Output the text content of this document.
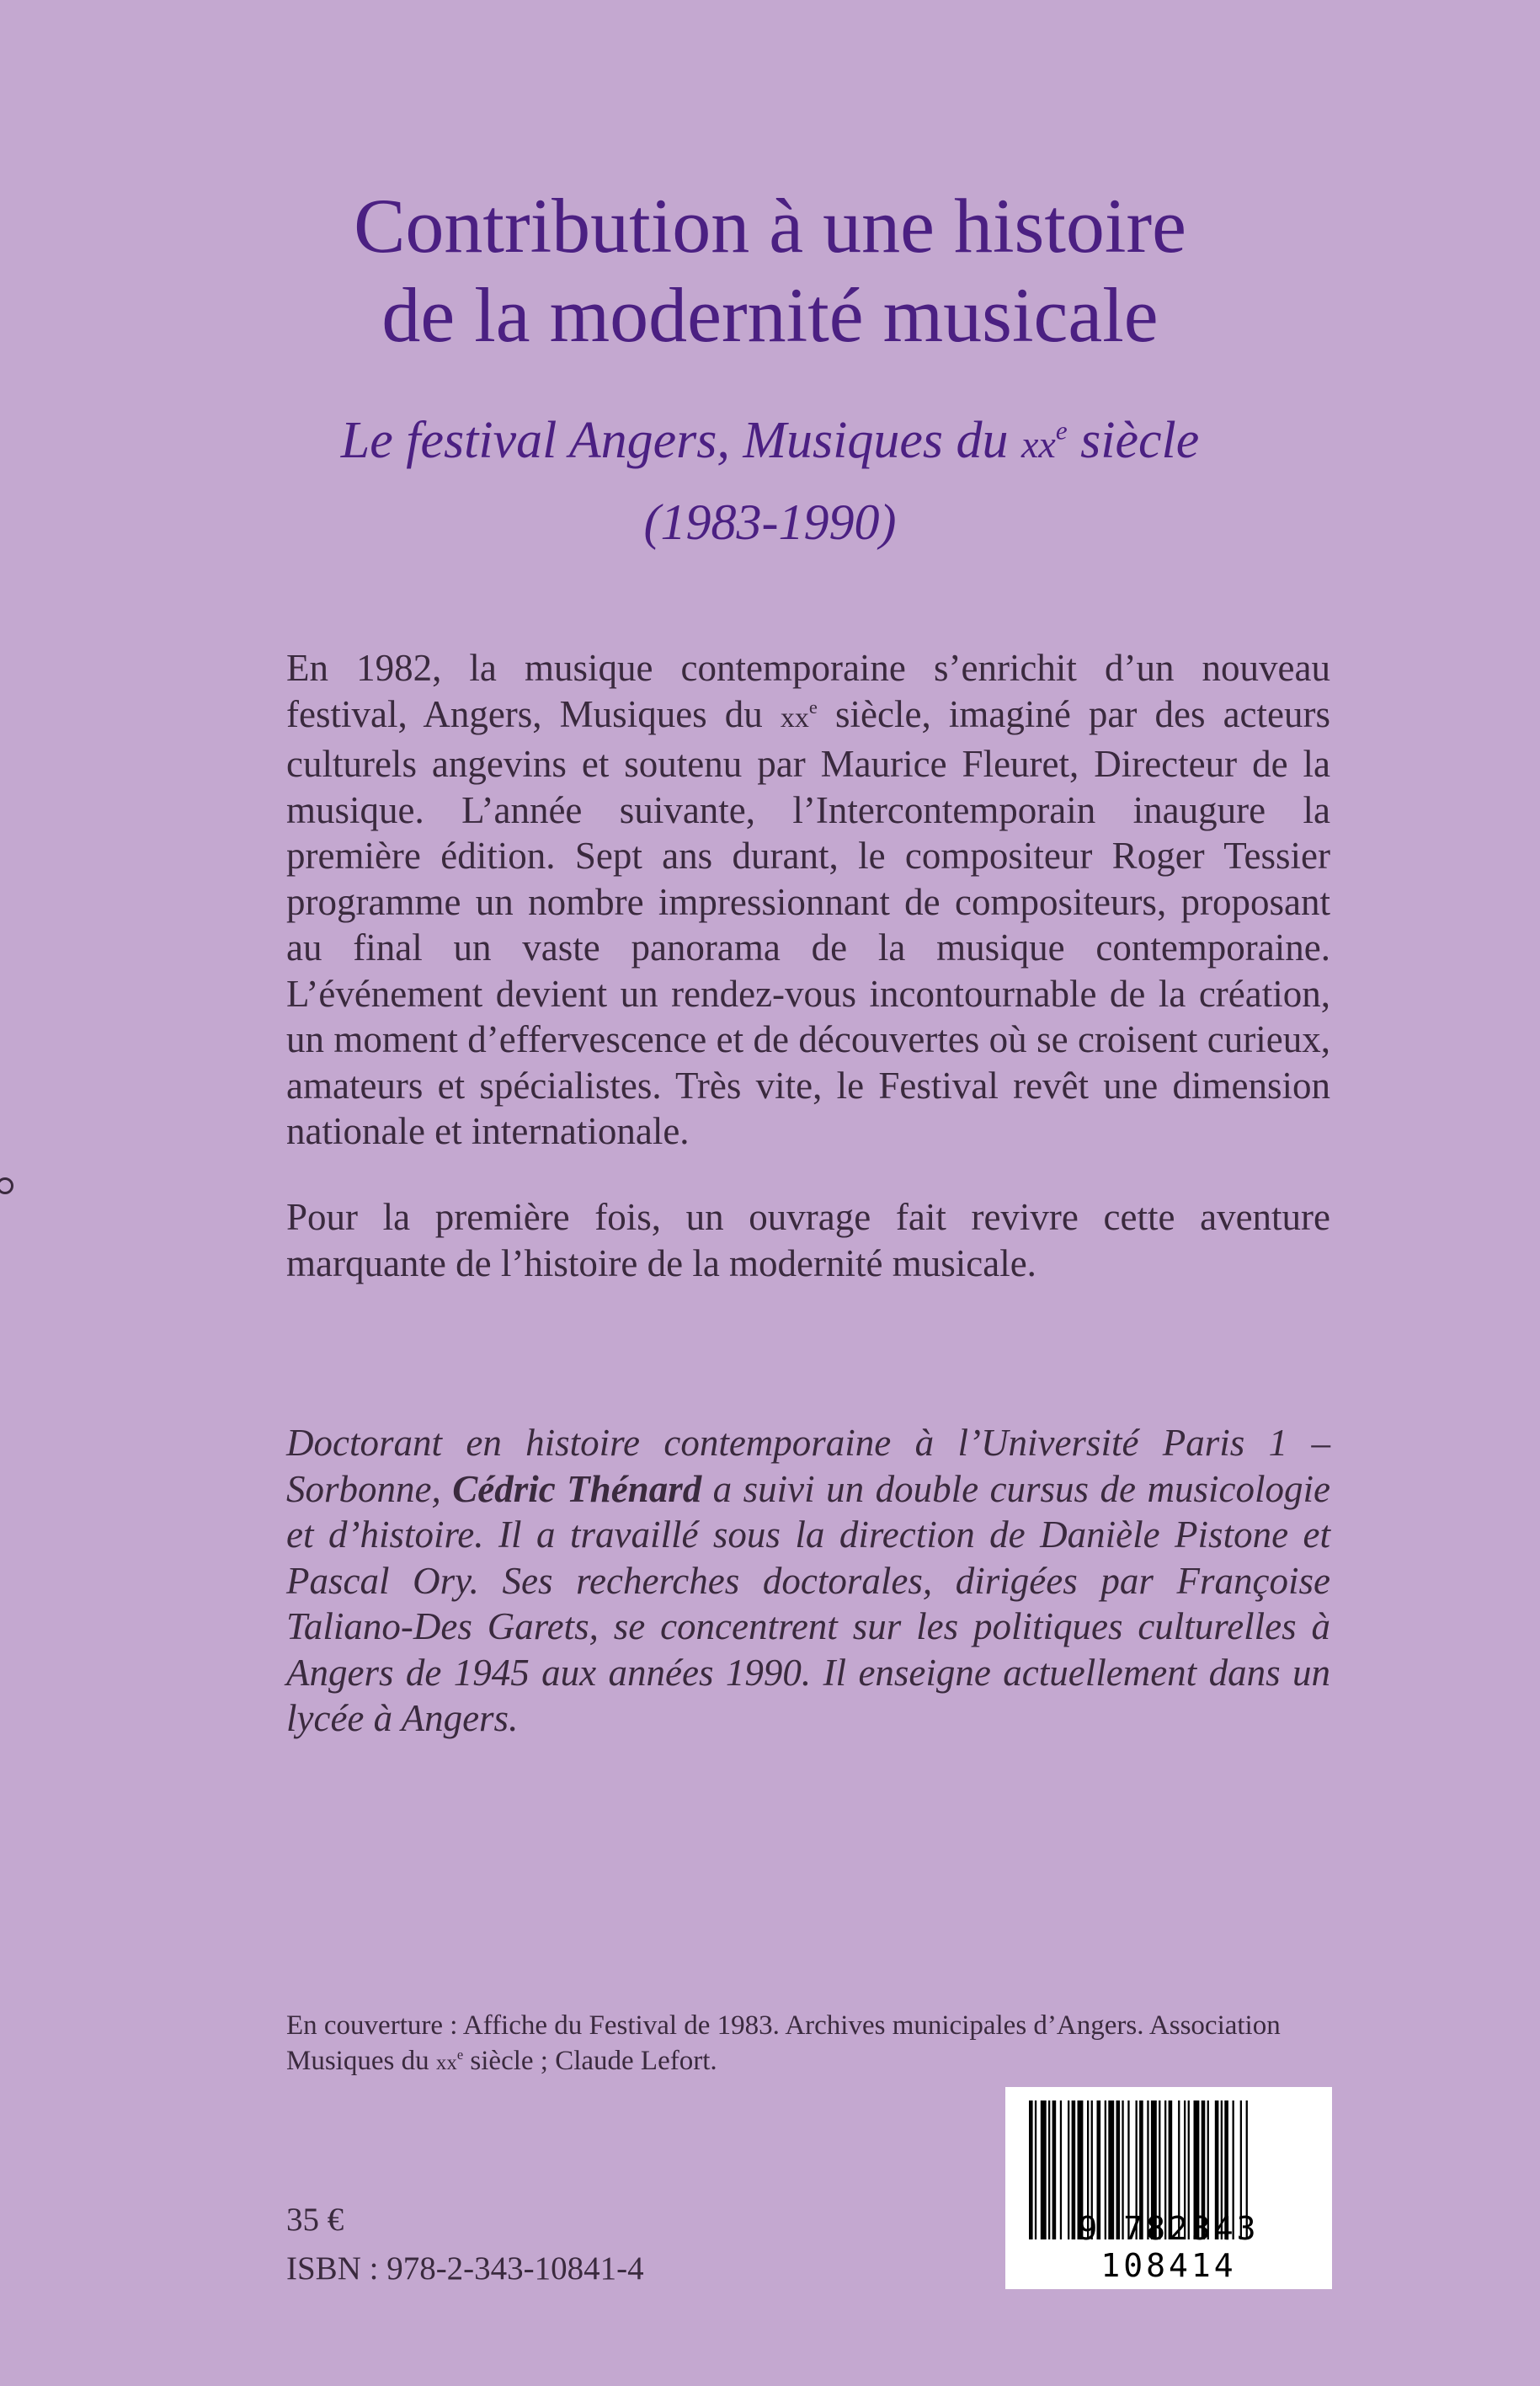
Contribution à une histoire
de la modernité musicale
Le festival Angers, Musiques du $xx^e$ siècle
(1983-1990)

En 1982, la musique contemporaine s’enrichit d’un nouveau festival, Angers, Musiques du $xx^e$ siècle, imaginé par des acteurs culturels angevins et soutenu par Maurice Fleuret, Directeur de la musique. L’année suivante, l’Intercontemporain inaugure la première édition. Sept ans durant, le compositeur Roger Tessier programme un nombre impressionnant de compositeurs, proposant au final un vaste panorama de la musique contemporaine. L’événement devient un rendez-vous incontournable de la création, un moment d’effervescence et de découvertes où se croisent curieux, amateurs et spécialistes. Très vite, le Festival revêt une dimension nationale et internationale.

Pour la première fois, un ouvrage fait revivre cette aventure marquante de l’histoire de la modernité musicale.

Doctorant en histoire contemporaine à l’Université Paris 1 – Sorbonne, Cédric Thénard a suivi un double cursus de musicologie et d’histoire. Il a travaillé sous la direction de Danièle Pistone et Pascal Ory. Ses recherches doctorales, dirigées par Françoise Taliano-Des Garets, se concentrent sur les politiques culturelles à Angers de 1945 aux années 1990. Il enseigne actuellement dans un lycée à Angers.

En couverture : Affiche du Festival de 1983. Archives municipales d’Angers. Association Musiques du $xx^e$ siècle ; Claude Lefort.
9 782343 108414
35 €
ISBN : 978-2-343-10841-4
